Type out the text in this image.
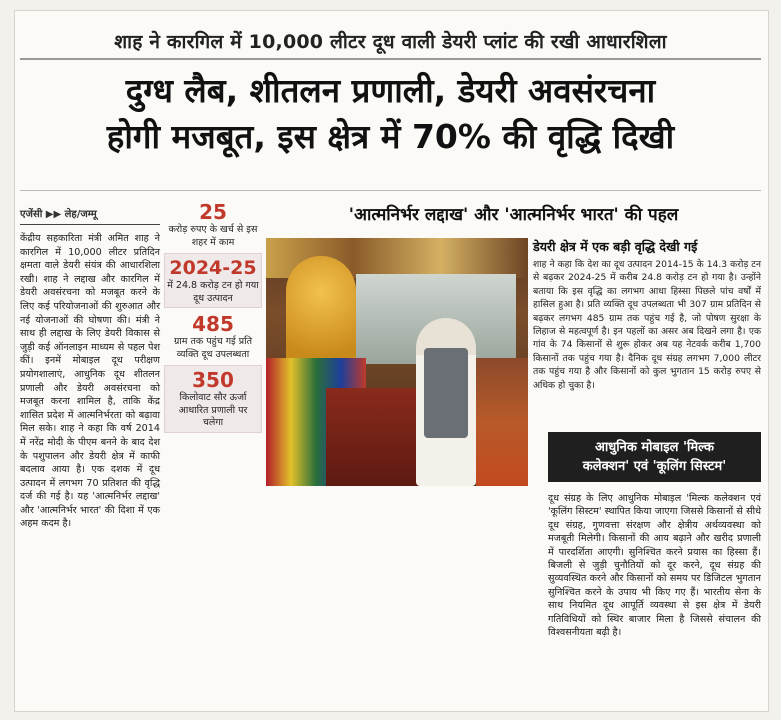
शाह ने कारगिल में 10,000 लीटर दूध वाली डेयरी प्लांट की रखी आधारशिला
दुग्ध लैब, शीतलन प्रणाली, डेयरी अवसंरचना
होगी मजबूत, इस क्षेत्र में 70% की वृद्धि दिखी
एजेंसी ▶▶ लेह/जम्मू
केंद्रीय सहकारिता मंत्री अमित शाह ने कारगिल में 10,000 लीटर प्रतिदिन क्षमता वाले डेयरी संयंत्र की आधारशिला रखी। शाह ने लद्दाख और कारगिल में डेयरी अवसंरचना को मजबूत करने के लिए कई परियोजनाओं की शुरुआत और नई योजनाओं की घोषणा की। मंत्री ने साथ ही लद्दाख के लिए डेयरी विकास से जुड़ी कई ऑनलाइन माध्यम से पहल पेश कीं। इनमें मोबाइल दूध परीक्षण प्रयोगशालाएं, आधुनिक दूध शीतलन प्रणाली और डेयरी अवसंरचना को मजबूत करना शामिल है, ताकि केंद्र शासित प्रदेश में आत्मनिर्भरता को बढ़ावा मिल सके। शाह ने कहा कि वर्ष 2014 में नरेंद्र मोदी के पीएम बनने के बाद देश के पशुपालन और डेयरी क्षेत्र में काफी बदलाव आया है। एक दशक में दूध उत्पादन में लगभग 70 प्रतिशत की वृद्धि दर्ज की गई है। यह 'आत्मनिर्भर लद्दाख' और 'आत्मनिर्भर भारत' की दिशा में एक अहम कदम है।
25
करोड़ रुपए के खर्च से इस शहर में काम
2024-25
में 24.8 करोड़ टन हो गया दूध उत्पादन
485
ग्राम तक पहुंच गई प्रति व्यक्ति दूध उपलब्धता
350
किलोवाट सौर ऊर्जा आधारित प्रणाली पर चलेगा
'आत्मनिर्भर लद्दाख' और 'आत्मनिर्भर भारत' की पहल
डेयरी क्षेत्र में एक बड़ी वृद्धि देखी गई

शाह ने कहा कि देश का दूध उत्पादन 2014-15 के 14.3 करोड़ टन से बढ़कर 2024-25 में करीब 24.8 करोड़ टन हो गया है। उन्होंने बताया कि इस वृद्धि का लगभग आधा हिस्सा पिछले पांच वर्षों में हासिल हुआ है। प्रति व्यक्ति दूध उपलब्धता भी 307 ग्राम प्रतिदिन से बढ़कर लगभग 485 ग्राम तक पहुंच गई है, जो पोषण सुरक्षा के लिहाज से महत्वपूर्ण है। इन पहलों का असर अब दिखने लगा है। एक गांव के 74 किसानों से शुरू होकर अब यह नेटवर्क करीब 1,700 किसानों तक पहुंच गया है। दैनिक दूध संग्रह लगभग 7,000 लीटर तक पहुंच गया है और किसानों को कुल भुगतान 15 करोड़ रुपए से अधिक हो चुका है।

आधुनिक मोबाइल 'मिल्क
कलेक्शन' एवं 'कूलिंग सिस्टम'
दूध संग्रह के लिए आधुनिक मोबाइल 'मिल्क कलेक्शन एवं 'कूलिंग सिस्टम' स्थापित किया जाएगा जिससे किसानों से सीधे दूध संग्रह, गुणवत्ता संरक्षण और क्षेत्रीय अर्थव्यवस्था को मजबूती मिलेगी। किसानों की आय बढ़ाने और खरीद प्रणाली में पारदर्शिता आएगी। सुनिश्चित करने प्रयास का हिस्सा हैं। बिजली से जुड़ी चुनौतियों को दूर करने, दूध संग्रह की सुव्यवस्थित करने और किसानों को समय पर डिजिटल भुगतान सुनिश्चित करने के उपाय भी किए गए हैं। भारतीय सेना के साथ नियमित दूध आपूर्ति व्यवस्था से इस क्षेत्र में डेयरी गतिविधियों को स्थिर बाजार मिला है जिससे संचालन की विश्वसनीयता बढ़ी है।
